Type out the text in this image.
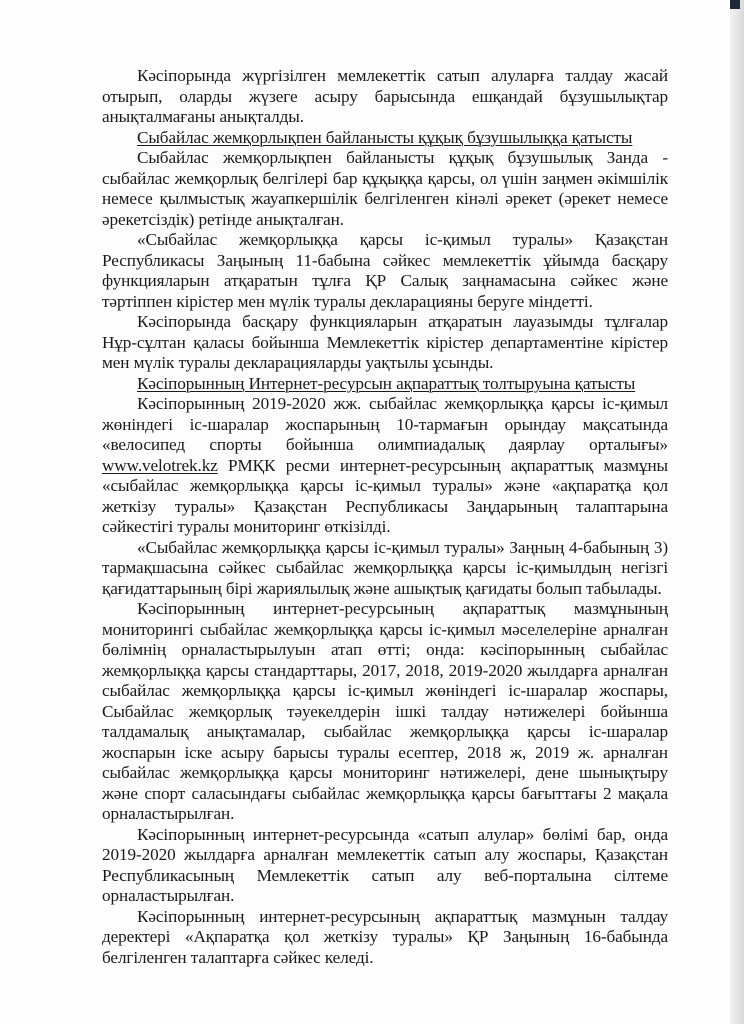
Кәсіпорында жүргізілген мемлекеттік сатып алуларға талдау жасай отырып, оларды жүзеге асыру барысында ешқандай бұзушылықтар анықталмағаны анықталды.

Сыбайлас жемқорлықпен байланысты құқық бұзушылыққа қатысты

Сыбайлас жемқорлықпен байланысты құқық бұзушылық Занда - сыбайлас жемқорлық белгілері бар құқыққа қарсы, ол үшін заңмен әкімшілік немесе қылмыстық жауапкершілік белгіленген кінәлі әрекет (әрекет немесе әрекетсіздік) ретінде анықталған.

«Сыбайлас жемқорлыққа қарсы іс-қимыл туралы» Қазақстан Республикасы Заңының 11-бабына сәйкес мемлекеттік ұйымда басқару функцияларын атқаратын тұлға ҚР Салық заңнамасына сәйкес және тәртіппен кірістер мен мүлік туралы декларацияны беруге міндетті.

Кәсіпорында басқару функцияларын атқаратын лауазымды тұлғалар Нұр-сұлтан қаласы бойынша Мемлекеттік кірістер департаментіне кірістер мен мүлік туралы декларацияларды уақтылы ұсынды.

Кәсіпорынның Интернет-ресурсын ақпараттық толтыруына қатысты

Кәсіпорынның 2019-2020 жж. сыбайлас жемқорлыққа қарсы іс-қимыл жөніндегі іс-шаралар жоспарының 10-тармағын орындау мақсатында «велосипед спорты бойынша олимпиадалық даярлау орталығы» www.velotrek.kz РМҚК ресми интернет-ресурсының ақпараттық мазмұны «сыбайлас жемқорлыққа қарсы іс-қимыл туралы» және «ақпаратқа қол жеткізу туралы» Қазақстан Республикасы Заңдарының талаптарына сәйкестігі туралы мониторинг өткізілді.

«Сыбайлас жемқорлыққа қарсы іс-қимыл туралы» Заңның 4-бабының 3) тармақшасына сәйкес сыбайлас жемқорлыққа қарсы іс-қимылдың негізгі қағидаттарының бірі жариялылық және ашықтық қағидаты болып табылады.

Кәсіпорынның интернет-ресурсының ақпараттық мазмұнының мониторингі сыбайлас жемқорлыққа қарсы іс-қимыл мәселелеріне арналған бөлімнің орналастырылуын атап өтті; онда: кәсіпорынның сыбайлас жемқорлыққа қарсы стандарттары, 2017, 2018, 2019-2020 жылдарға арналған сыбайлас жемқорлыққа қарсы іс-қимыл жөніндегі іс-шаралар жоспары, Сыбайлас жемқорлық тәуекелдерін ішкі талдау нәтижелері бойынша талдамалық анықтамалар, сыбайлас жемқорлыққа қарсы іс-шаралар жоспарын іске асыру барысы туралы есептер, 2018 ж, 2019 ж. арналған сыбайлас жемқорлыққа қарсы мониторинг нәтижелері, дене шынықтыру және спорт саласындағы сыбайлас жемқорлыққа қарсы бағыттағы 2 мақала орналастырылған.

Кәсіпорынның интернет-ресурсында «сатып алулар» бөлімі бар, онда 2019-2020 жылдарға арналған мемлекеттік сатып алу жоспары, Қазақстан Республикасының Мемлекеттік сатып алу веб-порталына сілтеме орналастырылған.

Кәсіпорынның интернет-ресурсының ақпараттық мазмұнын талдау деректері «Ақпаратқа қол жеткізу туралы» ҚР Заңының 16-бабында белгіленген талаптарға сәйкес келеді.
